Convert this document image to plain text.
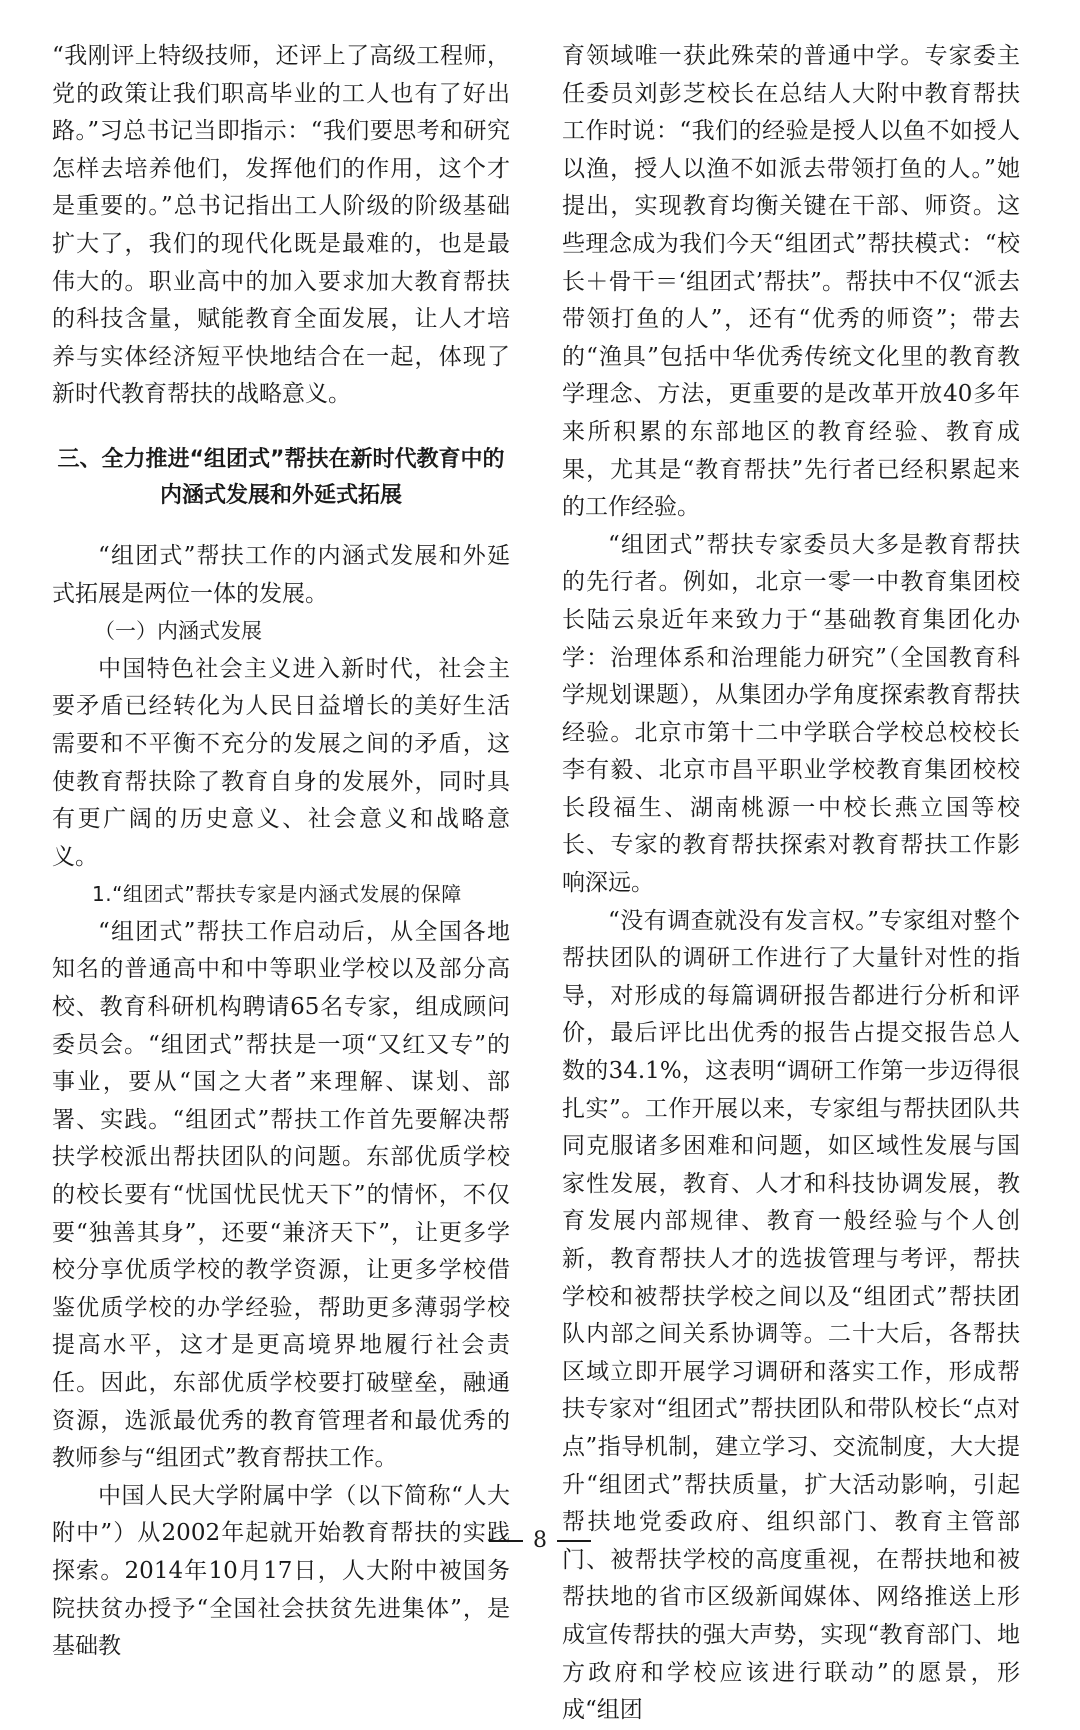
“我刚评上特级技师，还评上了高级工程师，党的政策让我们职高毕业的工人也有了好出路。”习总书记当即指示：“我们要思考和研究怎样去培养他们，发挥他们的作用，这个才是重要的。”总书记指出工人阶级的阶级基础扩大了，我们的现代化既是最难的，也是最伟大的。职业高中的加入要求加大教育帮扶的科技含量，赋能教育全面发展，让人才培养与实体经济短平快地结合在一起，体现了新时代教育帮扶的战略意义。

三、全力推进“组团式”帮扶在新时代教育中的内涵式发展和外延式拓展

“组团式”帮扶工作的内涵式发展和外延式拓展是两位一体的发展。

（一）内涵式发展

中国特色社会主义进入新时代，社会主要矛盾已经转化为人民日益增长的美好生活需要和不平衡不充分的发展之间的矛盾，这使教育帮扶除了教育自身的发展外，同时具有更广阔的历史意义、社会意义和战略意义。

1.“组团式”帮扶专家是内涵式发展的保障

“组团式”帮扶工作启动后，从全国各地知名的普通高中和中等职业学校以及部分高校、教育科研机构聘请65名专家，组成顾问委员会。“组团式”帮扶是一项“又红又专”的事业，要从“国之大者”来理解、谋划、部署、实践。“组团式”帮扶工作首先要解决帮扶学校派出帮扶团队的问题。东部优质学校的校长要有“忧国忧民忧天下”的情怀，不仅要“独善其身”，还要“兼济天下”，让更多学校分享优质学校的教学资源，让更多学校借鉴优质学校的办学经验，帮助更多薄弱学校提高水平，这才是更高境界地履行社会责任。因此，东部优质学校要打破壁垒，融通资源，选派最优秀的教育管理者和最优秀的教师参与“组团式”教育帮扶工作。

中国人民大学附属中学（以下简称“人大附中”）从2002年起就开始教育帮扶的实践探索。2014年10月17日，人大附中被国务院扶贫办授予“全国社会扶贫先进集体”，是基础教

育领域唯一获此殊荣的普通中学。专家委主任委员刘彭芝校长在总结人大附中教育帮扶工作时说：“我们的经验是授人以鱼不如授人以渔，授人以渔不如派去带领打鱼的人。”她提出，实现教育均衡关键在干部、师资。这些理念成为我们今天“组团式”帮扶模式：“校长＋骨干＝‘组团式’帮扶”。帮扶中不仅“派去带领打鱼的人”，还有“优秀的师资”；带去的“渔具”包括中华优秀传统文化里的教育教学理念、方法，更重要的是改革开放40多年来所积累的东部地区的教育经验、教育成果，尤其是“教育帮扶”先行者已经积累起来的工作经验。

“组团式”帮扶专家委员大多是教育帮扶的先行者。例如，北京一零一中教育集团校长陆云泉近年来致力于“基础教育集团化办学：治理体系和治理能力研究”（全国教育科学规划课题），从集团办学角度探索教育帮扶经验。北京市第十二中学联合学校总校校长李有毅、北京市昌平职业学校教育集团校校长段福生、湖南桃源一中校长燕立国等校长、专家的教育帮扶探索对教育帮扶工作影响深远。

“没有调查就没有发言权。”专家组对整个帮扶团队的调研工作进行了大量针对性的指导，对形成的每篇调研报告都进行分析和评价，最后评比出优秀的报告占提交报告总人数的34.1%，这表明“调研工作第一步迈得很扎实”。工作开展以来，专家组与帮扶团队共同克服诸多困难和问题，如区域性发展与国家性发展，教育、人才和科技协调发展，教育发展内部规律、教育一般经验与个人创新，教育帮扶人才的选拔管理与考评，帮扶学校和被帮扶学校之间以及“组团式”帮扶团队内部之间关系协调等。二十大后，各帮扶区域立即开展学习调研和落实工作，形成帮扶专家对“组团式”帮扶团队和带队校长“点对点”指导机制，建立学习、交流制度，大大提升“组团式”帮扶质量，扩大活动影响，引起帮扶地党委政府、组织部门、教育主管部门、被帮扶学校的高度重视，在帮扶地和被帮扶地的省市区级新闻媒体、网络推送上形成宣传帮扶的强大声势，实现“教育部门、地方政府和学校应该进行联动”的愿景，形成“组团

8
